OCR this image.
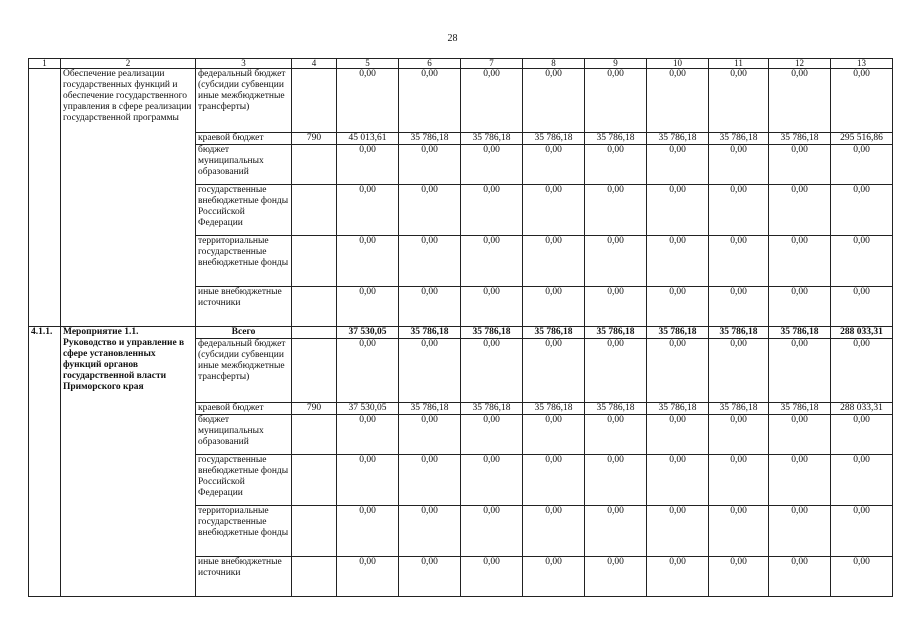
28
1	2	3	4	5	6	7	8	9	10	11	12	13
	Обеспечение реализации государственных функций и обеспечение государственного управления в сфере реализации государственной программы	федеральный бюджет (субсидии субвенции иные межбюджетные трансферты)		0,00	0,00	0,00	0,00	0,00	0,00	0,00	0,00	0,00
		краевой бюджет	790	45 013,61	35 786,18	35 786,18	35 786,18	35 786,18	35 786,18	35 786,18	35 786,18	295 516,86
		бюджет муниципальных образований		0,00	0,00	0,00	0,00	0,00	0,00	0,00	0,00	0,00
		государственные внебюджетные фонды Российской Федерации		0,00	0,00	0,00	0,00	0,00	0,00	0,00	0,00	0,00
		территориальные государственные внебюджетные фонды		0,00	0,00	0,00	0,00	0,00	0,00	0,00	0,00	0,00
		иные внебюджетные источники		0,00	0,00	0,00	0,00	0,00	0,00	0,00	0,00	0,00
4.1.1.	Мероприятие 1.1. Руководство и управление в сфере установленных функций органов государственной власти Приморского края	Всего		37 530,05	35 786,18	35 786,18	35 786,18	35 786,18	35 786,18	35 786,18	35 786,18	288 033,31
		федеральный бюджет (субсидии субвенции иные межбюджетные трансферты)		0,00	0,00	0,00	0,00	0,00	0,00	0,00	0,00	0,00
		краевой бюджет	790	37 530,05	35 786,18	35 786,18	35 786,18	35 786,18	35 786,18	35 786,18	35 786,18	288 033,31
		бюджет муниципальных образований		0,00	0,00	0,00	0,00	0,00	0,00	0,00	0,00	0,00
		государственные внебюджетные фонды Российской Федерации		0,00	0,00	0,00	0,00	0,00	0,00	0,00	0,00	0,00
		территориальные государственные внебюджетные фонды		0,00	0,00	0,00	0,00	0,00	0,00	0,00	0,00	0,00
		иные внебюджетные источники		0,00	0,00	0,00	0,00	0,00	0,00	0,00	0,00	0,00
